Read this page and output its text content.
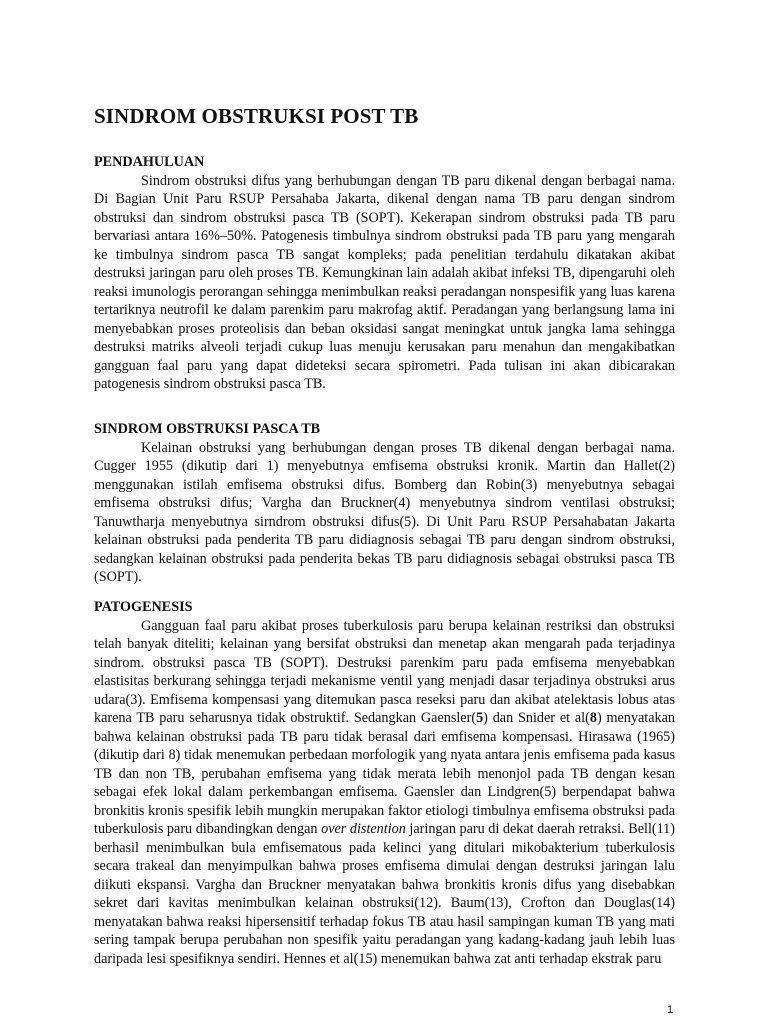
SINDROM OBSTRUKSI POST TB

PENDAHULUAN

Sindrom obstruksi difus yang berhubungan dengan TB paru dikenal dengan berbagai nama. Di Bagian Unit Paru RSUP Persahaba Jakarta, dikenal dengan nama TB paru dengan sindrom obstruksi dan sindrom obstruksi pasca TB (SOPT). Kekerapan sindrom obstruksi pada TB paru bervariasi antara 16%–50%. Patogenesis timbulnya sindrom obstruksi pada TB paru yang mengarah ke timbulnya sindrom pasca TB sangat kompleks; pada penelitian terdahulu dikatakan akibat destruksi jaringan paru oleh proses TB. Kemungkinan lain adalah akibat infeksi TB, dipengaruhi oleh reaksi imunologis perorangan sehingga menimbulkan reaksi peradangan nonspesifik yang luas karena tertariknya neutrofil ke dalam parenkim paru makrofag aktif. Peradangan yang berlangsung lama ini menyebabkan proses proteolisis dan beban oksidasi sangat meningkat untuk jangka lama sehingga destruksi matriks alveoli terjadi cukup luas menuju kerusakan paru menahun dan mengakibatkan gangguan faal paru yang dapat dideteksi secara spirometri. Pada tulisan ini akan dibicarakan patogenesis sindrom obstruksi pasca TB.

SINDROM OBSTRUKSI PASCA TB

Kelainan obstruksi yang berhubungan dengan proses TB dikenal dengan berbagai nama. Cugger 1955 (dikutip dari 1) menyebutnya emfisema obstruksi kronik. Martin dan Hallet(2) menggunakan istilah emfisema obstruksi difus. Bomberg dan Robin(3) menyebutnya sebagai emfisema obstruksi difus; Vargha dan Bruckner(4) menyebutnya sindrom ventilasi obstruksi; Tanuwtharja menyebutnya sirndrom obstruksi difus(5). Di Unit Paru RSUP Persahabatan Jakarta kelainan obstruksi pada penderita TB paru didiagnosis sebagai TB paru dengan sindrom obstruksi, sedangkan kelainan obstruksi pada penderita bekas TB paru didiagnosis sebagai obstruksi pasca TB (SOPT).

PATOGENESIS

Gangguan faal paru akibat proses tuberkulosis paru berupa kelainan restriksi dan obstruksi telah banyak diteliti; kelainan yang bersifat obstruksi dan menetap akan mengarah pada terjadinya sindrom. obstruksi pasca TB (SOPT). Destruksi parenkim paru pada emfisema menyebabkan elastisitas berkurang sehingga terjadi mekanisme ventil yang menjadi dasar terjadinya obstruksi arus udara(3). Emfisema kompensasi yang ditemukan pasca reseksi paru dan akibat atelektasis lobus atas karena TB paru seharusnya tidak obstruktif. Sedangkan Gaensler(5) dan Snider et al(8) menyatakan bahwa kelainan obstruksi pada TB paru tidak berasal dari emfisema kompensasi. Hirasawa (1965) (dikutip dari 8) tidak menemukan perbedaan morfologik yang nyata antara jenis emfisema pada kasus TB dan non TB, perubahan emfisema yang tidak merata lebih menonjol pada TB dengan kesan sebagai efek lokal dalam perkembangan emfisema. Gaensler dan Lindgren(5) berpendapat bahwa bronkitis kronis spesifik lebih mungkin merupakan faktor etiologi timbulnya emfisema obstruksi pada tuberkulosis paru dibandingkan dengan over distention jaringan paru di dekat daerah retraksi. Bell(11) berhasil menimbulkan bula emfisematous pada kelinci yang ditulari mikobakterium tuberkulosis secara trakeal dan menyimpulkan bahwa proses emfisema dimulai dengan destruksi jaringan lalu diikuti ekspansi. Vargha dan Bruckner menyatakan bahwa bronkitis kronis difus yang disebabkan sekret dari kavitas menimbulkan kelainan obstruksi(12). Baum(13), Crofton dan Douglas(14) menyatakan bahwa reaksi hipersensitif terhadap fokus TB atau hasil sampingan kuman TB yang mati sering tampak berupa perubahan non spesifik yaitu peradangan yang kadang-kadang jauh lebih luas daripada lesi spesifiknya sendiri. Hennes et al(15) menemukan bahwa zat anti terhadap ekstrak paru

1
